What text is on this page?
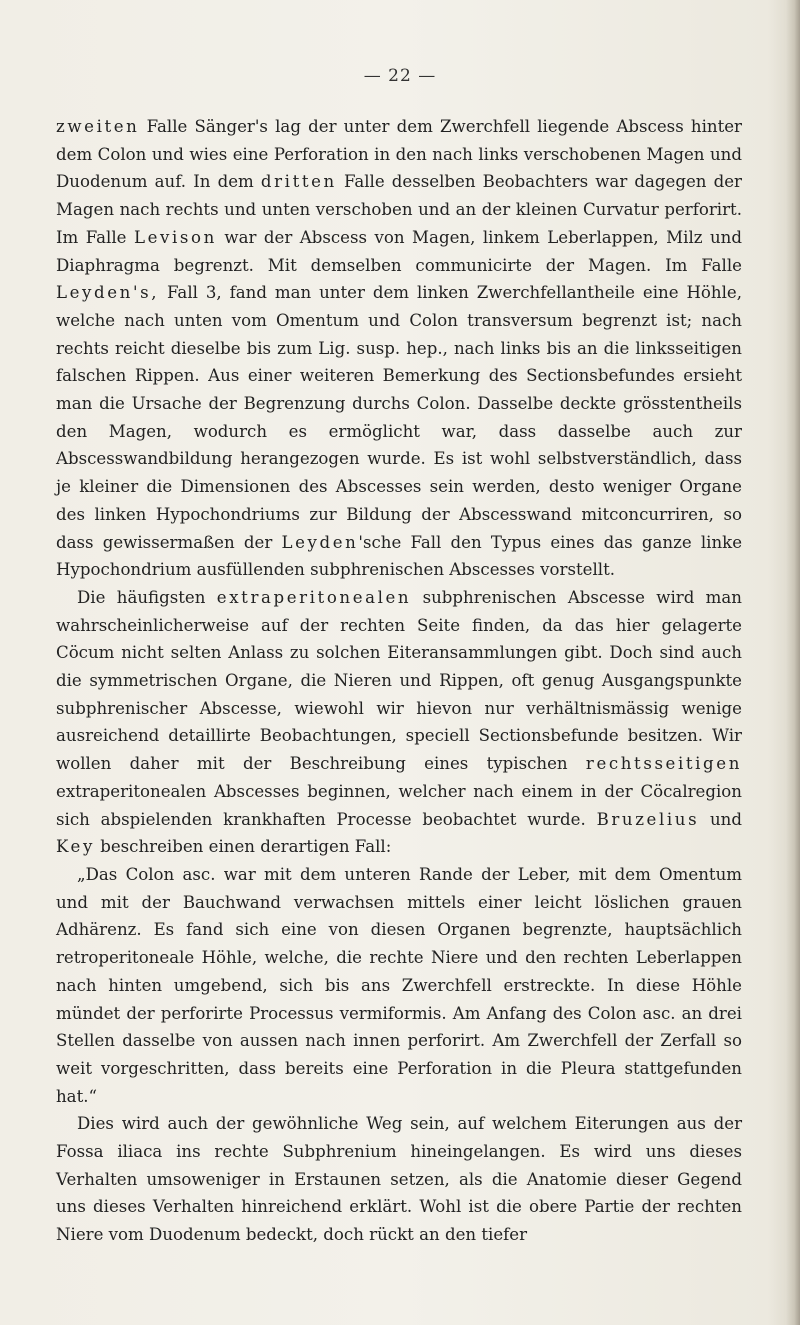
— 22 —

zweiten Falle Sänger's lag der unter dem Zwerchfell liegende Abscess hinter dem Colon und wies eine Perforation in den nach links verschobenen Magen und Duodenum auf. In dem dritten Falle desselben Beobachters war dagegen der Magen nach rechts und unten verschoben und an der kleinen Curvatur perforirt. Im Falle Levison war der Abscess von Magen, linkem Leberlappen, Milz und Diaphragma begrenzt. Mit demselben communicirte der Magen. Im Falle Leyden's, Fall 3, fand man unter dem linken Zwerchfellantheile eine Höhle, welche nach unten vom Omentum und Colon transversum begrenzt ist; nach rechts reicht dieselbe bis zum Lig. susp. hep., nach links bis an die linksseitigen falschen Rippen. Aus einer weiteren Bemerkung des Sectionsbefundes ersieht man die Ursache der Begrenzung durchs Colon. Dasselbe deckte grösstentheils den Magen, wodurch es ermöglicht war, dass dasselbe auch zur Abscesswandbildung herangezogen wurde. Es ist wohl selbstverständlich, dass je kleiner die Dimensionen des Abscesses sein werden, desto weniger Organe des linken Hypochondriums zur Bildung der Abscesswand mitconcurriren, so dass gewissermaßen der Leyden'sche Fall den Typus eines das ganze linke Hypochondrium ausfüllenden subphrenischen Abscesses vorstellt.

Die häufigsten extraperitonealen subphrenischen Abscesse wird man wahrscheinlicherweise auf der rechten Seite finden, da das hier gelagerte Cöcum nicht selten Anlass zu solchen Eiteransammlungen gibt. Doch sind auch die symmetrischen Organe, die Nieren und Rippen, oft genug Ausgangspunkte subphrenischer Abscesse, wiewohl wir hievon nur verhältnismässig wenige ausreichend detaillirte Beobachtungen, speciell Sectionsbefunde besitzen. Wir wollen daher mit der Beschreibung eines typischen rechtsseitigen extraperitonealen Abscesses beginnen, welcher nach einem in der Cöcalregion sich abspielenden krankhaften Processe beobachtet wurde. Bruzelius und Key beschreiben einen derartigen Fall:

„Das Colon asc. war mit dem unteren Rande der Leber, mit dem Omentum und mit der Bauchwand verwachsen mittels einer leicht löslichen grauen Adhärenz. Es fand sich eine von diesen Organen begrenzte, hauptsächlich retroperitoneale Höhle, welche, die rechte Niere und den rechten Leberlappen nach hinten umgebend, sich bis ans Zwerchfell erstreckte. In diese Höhle mündet der perforirte Processus vermiformis. Am Anfang des Colon asc. an drei Stellen dasselbe von aussen nach innen perforirt. Am Zwerchfell der Zerfall so weit vorgeschritten, dass bereits eine Perforation in die Pleura stattgefunden hat.“

Dies wird auch der gewöhnliche Weg sein, auf welchem Eiterungen aus der Fossa iliaca ins rechte Subphrenium hineingelangen. Es wird uns dieses Verhalten umsoweniger in Erstaunen setzen, als die Anatomie dieser Gegend uns dieses Verhalten hinreichend erklärt. Wohl ist die obere Partie der rechten Niere vom Duodenum bedeckt, doch rückt an den tiefer
